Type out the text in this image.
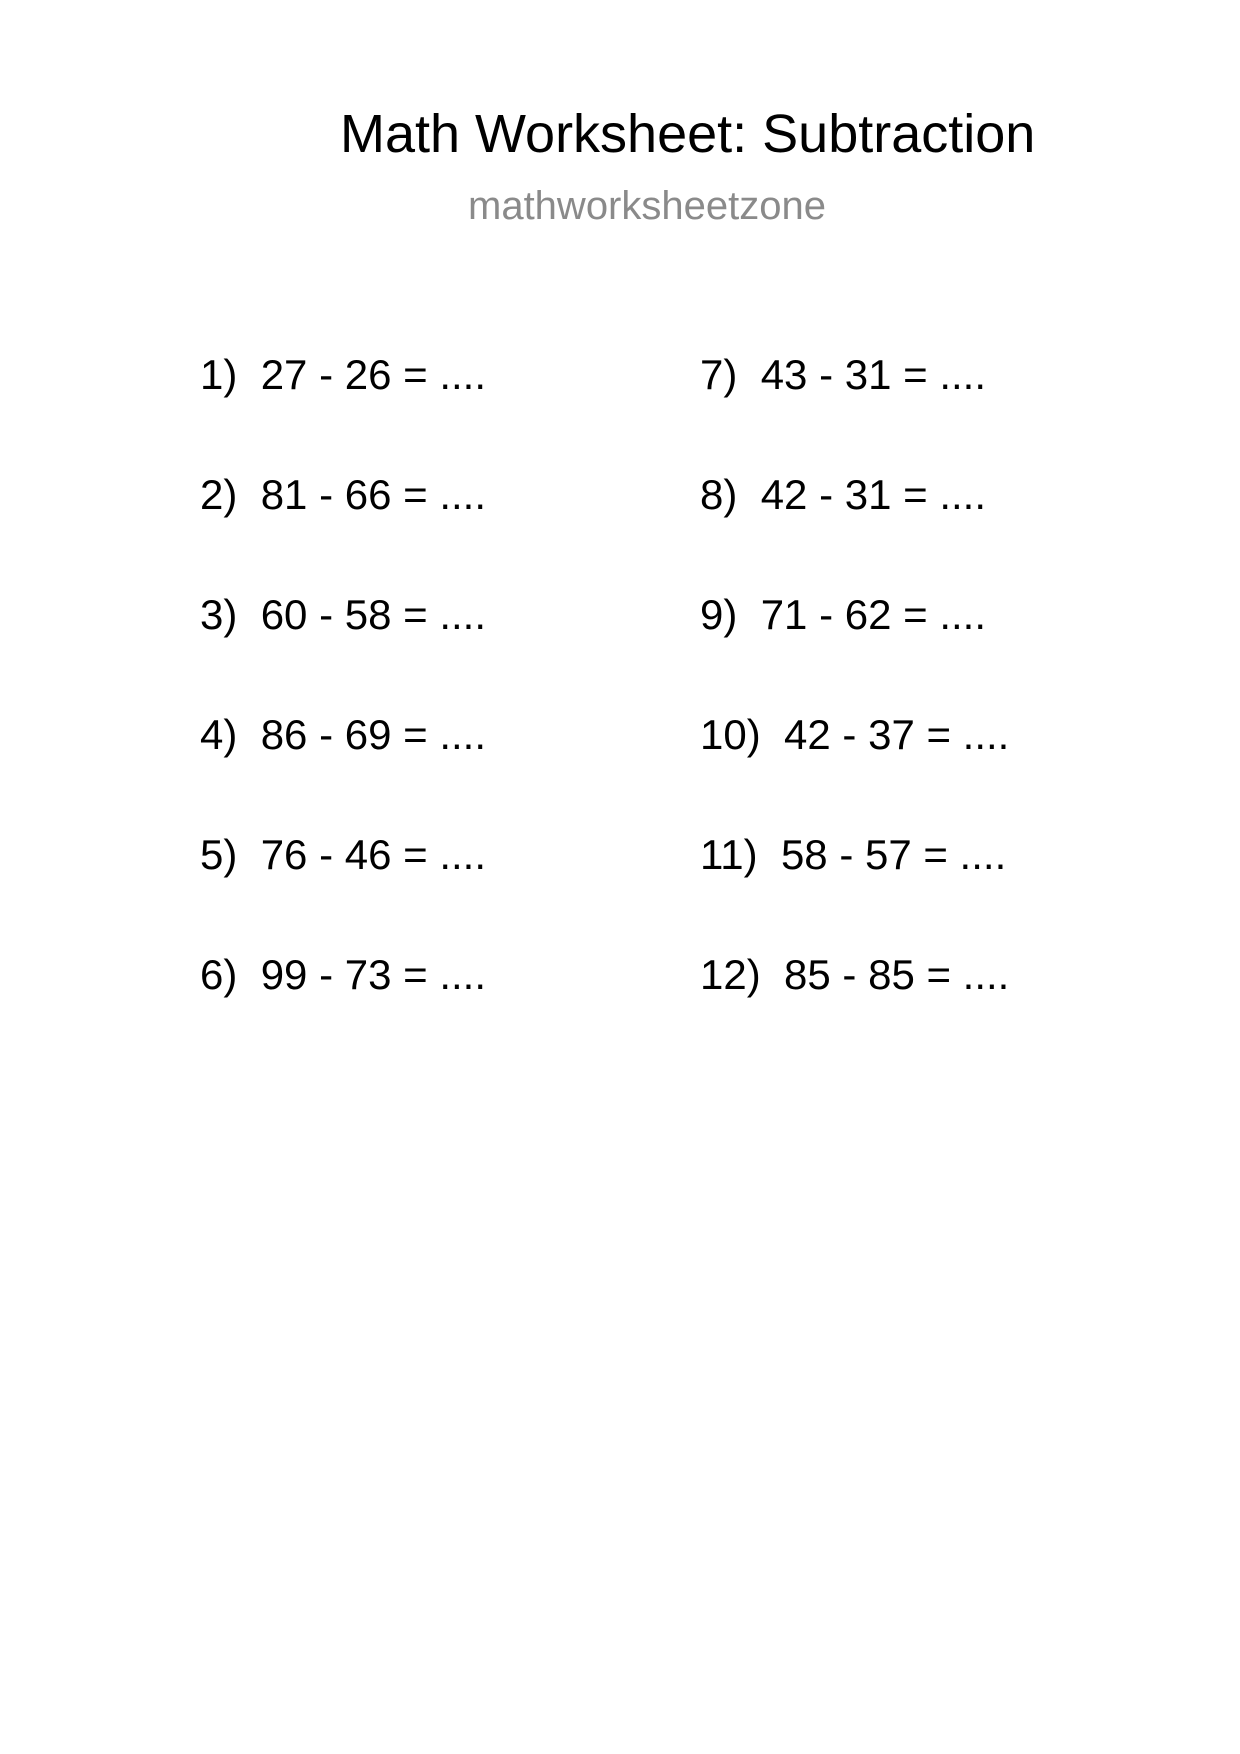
Math Worksheet: Subtraction
mathworksheetzone
1) 27 - 26 = ....
2) 81 - 66 = ....
3) 60 - 58 = ....
4) 86 - 69 = ....
5) 76 - 46 = ....
6) 99 - 73 = ....
7) 43 - 31 = ....
8) 42 - 31 = ....
9) 71 - 62 = ....
10) 42 - 37 = ....
11) 58 - 57 = ....
12) 85 - 85 = ....
